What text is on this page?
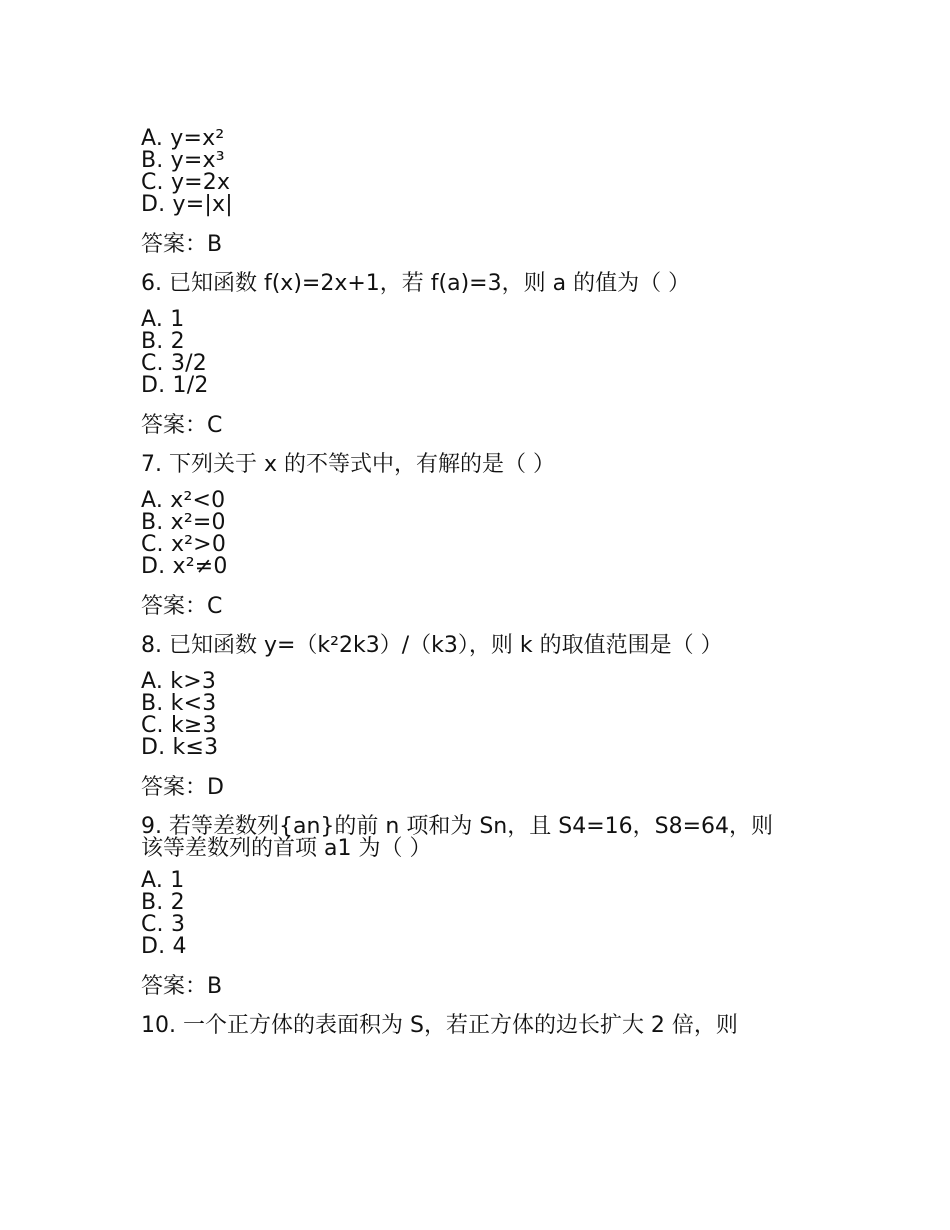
A. y=x²
B. y=x³
C. y=2x
D. y=|x|
答案：B
6. 已知函数 f(x)=2x+1，若 f(a)=3，则 a 的值为（ ）
A. 1
B. 2
C. 3/2
D. 1/2
答案：C
7. 下列关于 x 的不等式中，有解的是（ ）
A. x²<0
B. x²=0
C. x²>0
D. x²≠0
答案：C
8. 已知函数 y=（k²2k3）/（k3），则 k 的取值范围是（ ）
A. k>3
B. k<3
C. k≥3
D. k≤3
答案：D
9. 若等差数列{an}的前 n 项和为 Sn，且 S4=16，S8=64，则
该等差数列的首项 a1 为（ ）
A. 1
B. 2
C. 3
D. 4
答案：B
10. 一个正方体的表面积为 S，若正方体的边长扩大 2 倍，则
